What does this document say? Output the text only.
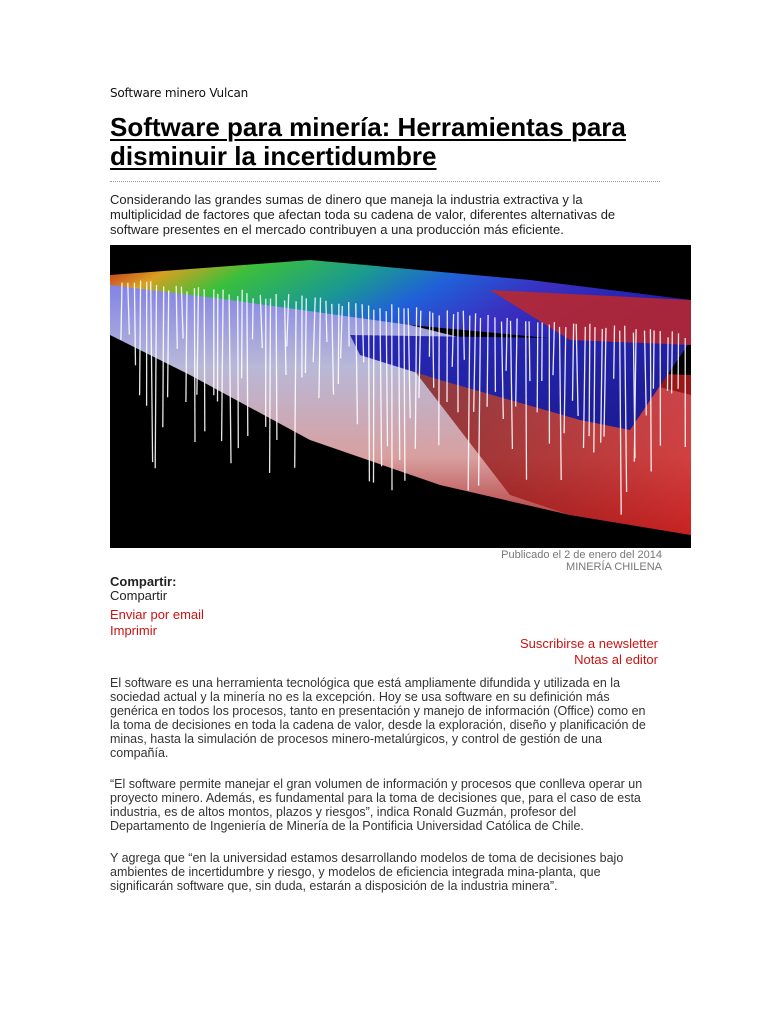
Software minero Vulcan
Software para minería: Herramientas para disminuir la incertidumbre

Considerando las grandes sumas de dinero que maneja la industria extractiva y la multiplicidad de factores que afectan toda su cadena de valor, diferentes alternativas de software presentes en el mercado contribuyen a una producción más eficiente.

Publicado el 2 de enero del 2014
MINERÍA CHILENA
Compartir:
Compartir
Enviar por email
Imprimir
Suscribirse a newsletter
Notas al editor

El software es una herramienta tecnológica que está ampliamente difundida y utilizada en la sociedad actual y la minería no es la excepción. Hoy se usa software en su definición más genérica en todos los procesos, tanto en presentación y manejo de información (Office) como en la toma de decisiones en toda la cadena de valor, desde la exploración, diseño y planificación de minas, hasta la simulación de procesos minero-metalúrgicos, y control de gestión de una compañía.

“El software permite manejar el gran volumen de información y procesos que conlleva operar un proyecto minero. Además, es fundamental para la toma de decisiones que, para el caso de esta industria, es de altos montos, plazos y riesgos”, indica Ronald Guzmán, profesor del Departamento de Ingeniería de Minería de la Pontificia Universidad Católica de Chile.

Y agrega que “en la universidad estamos desarrollando modelos de toma de decisiones bajo ambientes de incertidumbre y riesgo, y modelos de eficiencia integrada mina-planta, que significarán software que, sin duda, estarán a disposición de la industria minera”.
